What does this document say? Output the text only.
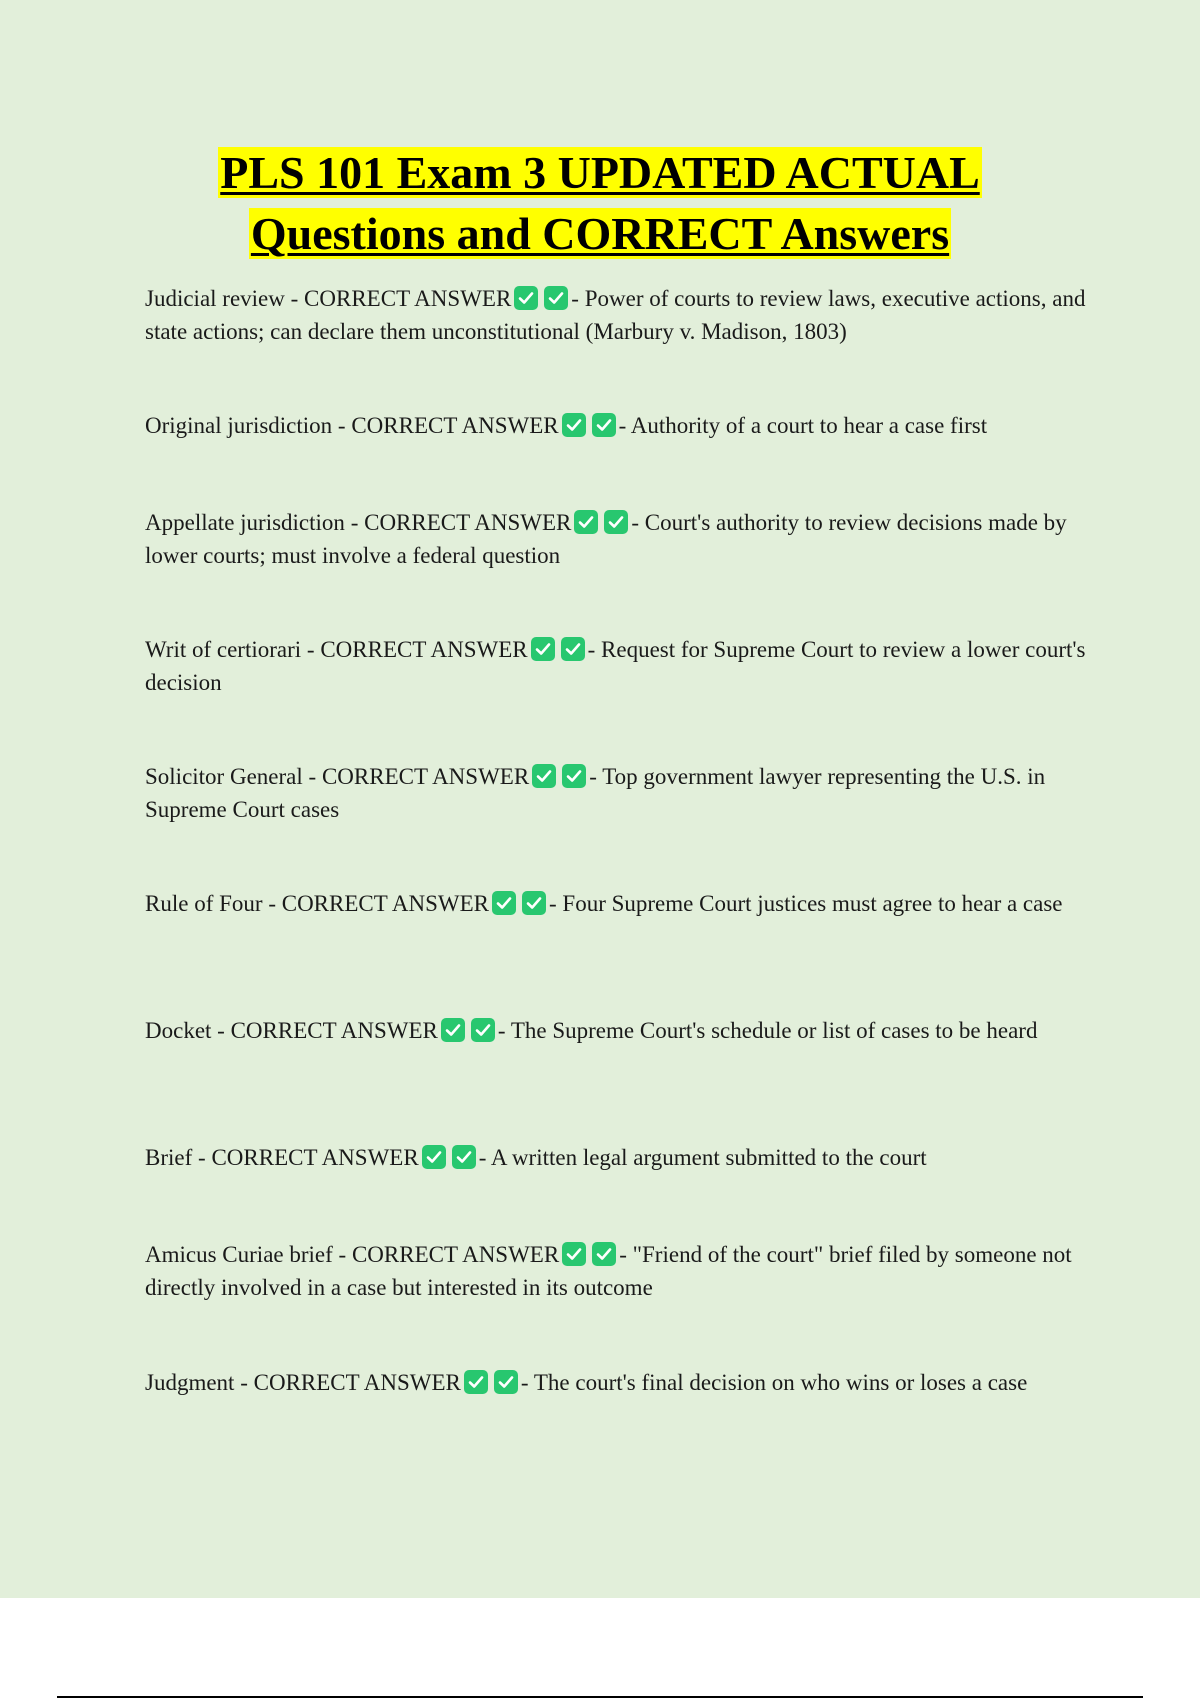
PLS 101 Exam 3 UPDATED ACTUAL
Questions and CORRECT Answers

Judicial review - CORRECT ANSWER	- Power of courts to review laws, executive actions, and state actions; can declare them unconstitutional (Marbury v. Madison, 1803)

Original jurisdiction - CORRECT ANSWER	- Authority of a court to hear a case first

Appellate jurisdiction - CORRECT ANSWER	- Court's authority to review decisions made by lower courts; must involve a federal question

Writ of certiorari - CORRECT ANSWER	- Request for Supreme Court to review a lower court's decision

Solicitor General - CORRECT ANSWER	- Top government lawyer representing the U.S. in Supreme Court cases

Rule of Four - CORRECT ANSWER	- Four Supreme Court justices must agree to hear a case

Docket - CORRECT ANSWER	- The Supreme Court's schedule or list of cases to be heard

Brief - CORRECT ANSWER	- A written legal argument submitted to the court

Amicus Curiae brief - CORRECT ANSWER	- "Friend of the court" brief filed by someone not directly involved in a case but interested in its outcome

Judgment - CORRECT ANSWER	- The court's final decision on who wins or loses a case
